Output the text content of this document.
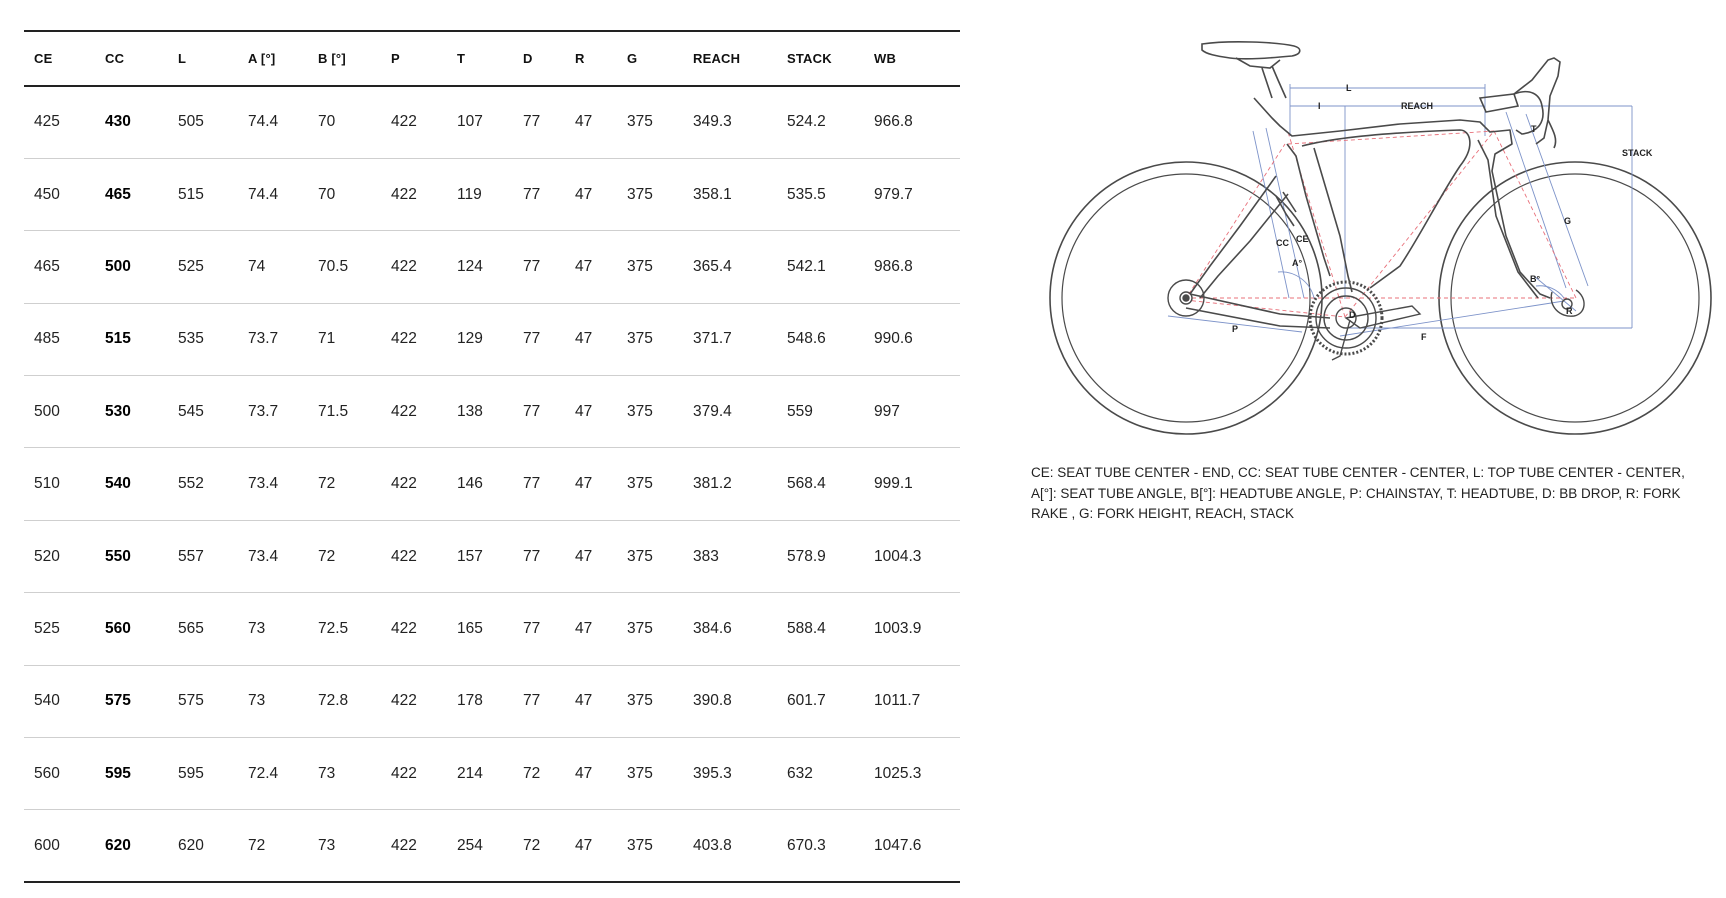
CE	CC	L	A [°]	B [°]	P	T	D	R	G	REACH	STACK	WB
425	430	505	74.4	70	422	107	77	47	375	349.3	524.2	966.8
450	465	515	74.4	70	422	119	77	47	375	358.1	535.5	979.7
465	500	525	74	70.5	422	124	77	47	375	365.4	542.1	986.8
485	515	535	73.7	71	422	129	77	47	375	371.7	548.6	990.6
500	530	545	73.7	71.5	422	138	77	47	375	379.4	559	997
510	540	552	73.4	72	422	146	77	47	375	381.2	568.4	999.1
520	550	557	73.4	72	422	157	77	47	375	383	578.9	1004.3
525	560	565	73	72.5	422	165	77	47	375	384.6	588.4	1003.9
540	575	575	73	72.8	422	178	77	47	375	390.8	601.7	1011.7
560	595	595	72.4	73	422	214	72	47	375	395.3	632	1025.3
600	620	620	72	73	422	254	72	47	375	403.8	670.3	1047.6
L
I	REACH
STACK
T
G
CC CE
A°
B°
P
D
F
R

CE: SEAT TUBE CENTER - END, CC: SEAT TUBE CENTER - CENTER, L: TOP TUBE CENTER - CENTER, A[°]: SEAT TUBE ANGLE, B[°]: HEADTUBE ANGLE, P: CHAINSTAY, T: HEADTUBE, D: BB DROP, R: FORK RAKE , G: FORK HEIGHT, REACH, STACK
